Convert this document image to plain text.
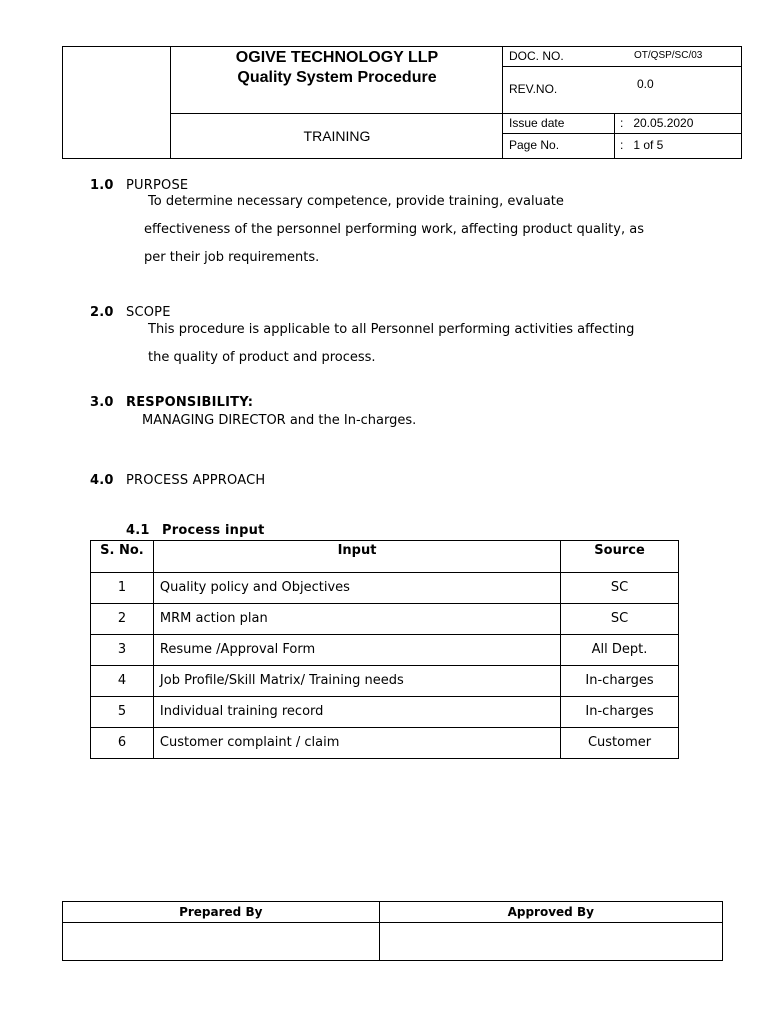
OGIVE TECHNOLOGY LLP
Quality System Procedure
TRAINING
DOC. NO.	OT/QSP/SC/03
REV.NO.	0.0
Issue date	:   20.05.2020
Page No.	:   1 of 5
1.0 PURPOSE
To determine necessary competence, provide training, evaluate
effectiveness of the personnel performing work, affecting product quality, as
per their job requirements.
2.0 SCOPE
This procedure is applicable to all Personnel performing activities affecting
the quality of product and process.
3.0 RESPONSIBILITY:
MANAGING DIRECTOR and the In-charges.
4.0 PROCESS APPROACH
4.1 Process input
S. No.	Input	Source
1	Quality policy and Objectives	SC
2	MRM action plan	SC
3	Resume /Approval Form	All Dept.
4	Job Profile/Skill Matrix/ Training needs	In-charges
5	Individual training record	In-charges
6	Customer complaint / claim	Customer
Prepared By	Approved By
